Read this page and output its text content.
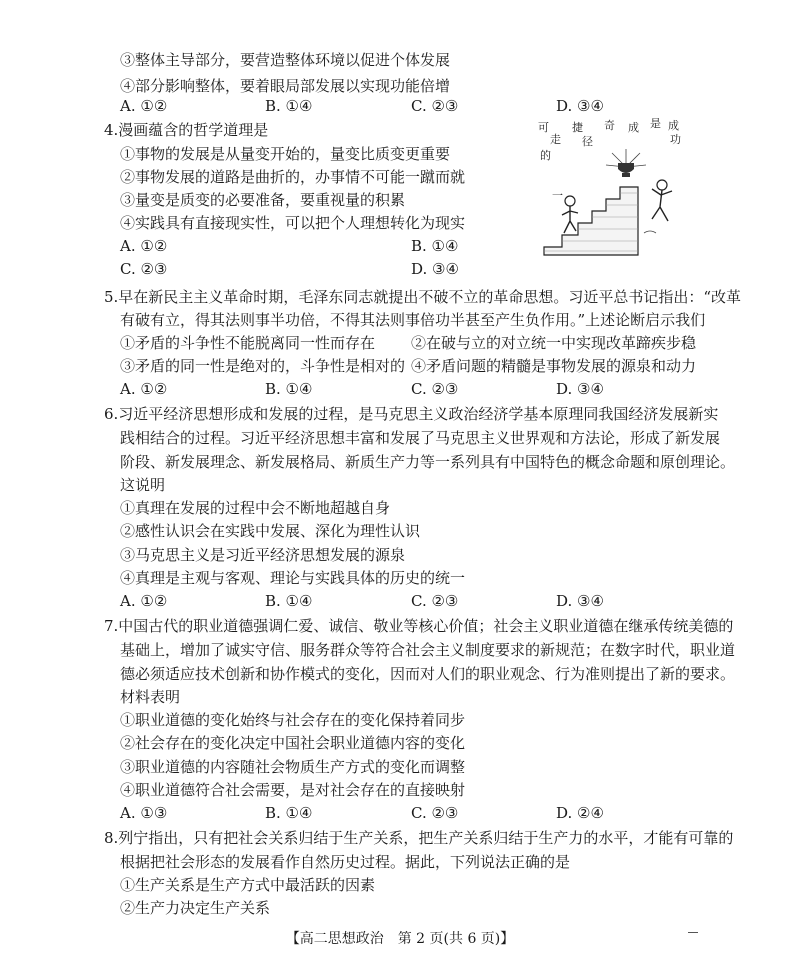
③整体主导部分，要营造整体环境以促进个体发展
④部分影响整体，要着眼局部发展以实现功能倍增
A. ①②	B. ①④	C. ②③	D. ③④
4.漫画蕴含的哲学道理是
①事物的发展是从量变开始的，量变比质变更重要
②事物发展的道路是曲折的，办事情不可能一蹴而就
③量变是质变的必要准备，要重视量的积累
④实践具有直接现实性，可以把个人理想转化为现实
A. ①②	B. ①④
C. ②③	D. ③④
可
走
的
捷
径
奇 成 是 成
功
一
5.早在新民主主义革命时期，毛泽东同志就提出不破不立的革命思想。习近平总书记指出：“改革
有破有立，得其法则事半功倍，不得其法则事倍功半甚至产生负作用。”上述论断启示我们
①矛盾的斗争性不能脱离同一性而存在 ②在破与立的对立统一中实现改革蹄疾步稳
③矛盾的同一性是绝对的，斗争性是相对的 ④矛盾问题的精髓是事物发展的源泉和动力
A. ①②	B. ①④	C. ②③	D. ③④
6.习近平经济思想形成和发展的过程，是马克思主义政治经济学基本原理同我国经济发展新实
践相结合的过程。习近平经济思想丰富和发展了马克思主义世界观和方法论，形成了新发展
阶段、新发展理念、新发展格局、新质生产力等一系列具有中国特色的概念命题和原创理论。
这说明
①真理在发展的过程中会不断地超越自身
②感性认识会在实践中发展、深化为理性认识
③马克思主义是习近平经济思想发展的源泉
④真理是主观与客观、理论与实践具体的历史的统一
A. ①②	B. ①④	C. ②③	D. ③④
7.中国古代的职业道德强调仁爱、诚信、敬业等核心价值；社会主义职业道德在继承传统美德的
基础上，增加了诚实守信、服务群众等符合社会主义制度要求的新规范；在数字时代，职业道
德必须适应技术创新和协作模式的变化，因而对人们的职业观念、行为准则提出了新的要求。
材料表明
①职业道德的变化始终与社会存在的变化保持着同步
②社会存在的变化决定中国社会职业道德内容的变化
③职业道德的内容随社会物质生产方式的变化而调整
④职业道德符合社会需要，是对社会存在的直接映射
A. ①③	B. ①④	C. ②③	D. ②④
8.列宁指出，只有把社会关系归结于生产关系，把生产关系归结于生产力的水平，才能有可靠的
根据把社会形态的发展看作自然历史过程。据此，下列说法正确的是
①生产关系是生产方式中最活跃的因素
②生产力决定生产关系
【高二思想政治　第 2 页(共 6 页)】
